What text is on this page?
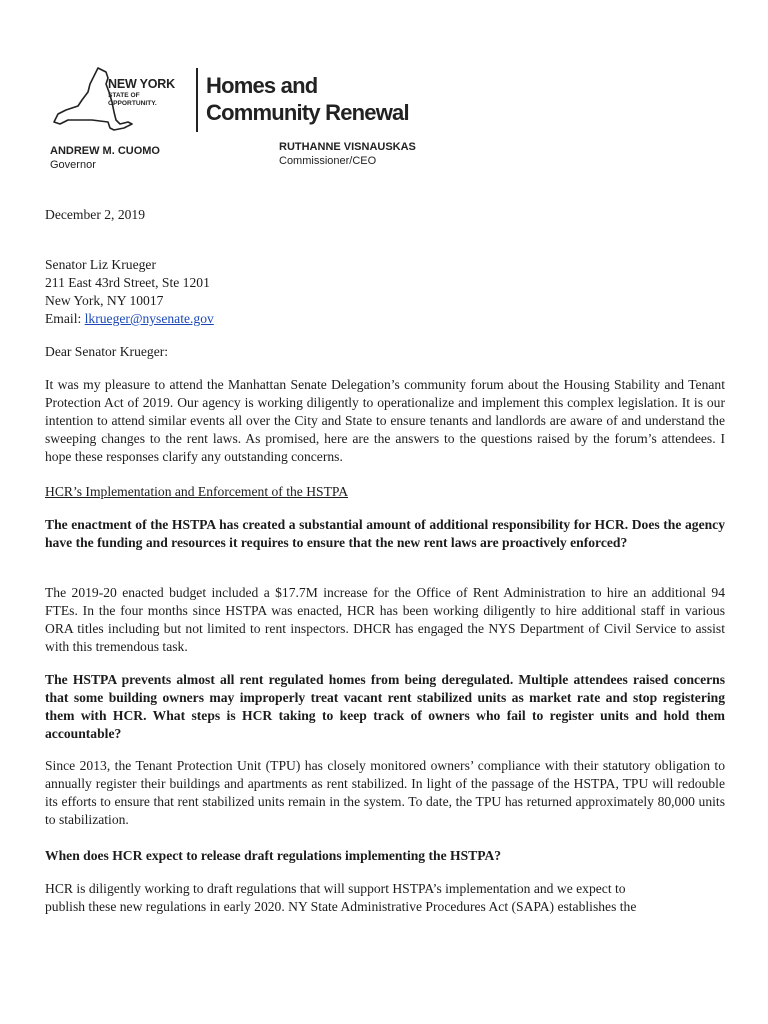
NEW YORK
STATE OF
OPPORTUNITY.
Homes and
Community Renewal
ANDREW M. CUOMO
Governor
RUTHANNE VISNAUSKAS
Commissioner/CEO
December 2, 2019
Senator Liz Krueger
211 East 43rd Street, Ste 1201
New York, NY 10017
Email: lkrueger@nysenate.gov
Dear Senator Krueger:
It was my pleasure to attend the Manhattan Senate Delegation’s community forum about the Housing Stability and Tenant Protection Act of 2019. Our agency is working diligently to operationalize and implement this complex legislation. It is our intention to attend similar events all over the City and State to ensure tenants and landlords are aware of and understand the sweeping changes to the rent laws. As promised, here are the answers to the questions raised by the forum’s attendees. I hope these responses clarify any outstanding concerns.
HCR’s Implementation and Enforcement of the HSTPA
The enactment of the HSTPA has created a substantial amount of additional responsibility for HCR. Does the agency have the funding and resources it requires to ensure that the new rent laws are proactively enforced?
The 2019-20 enacted budget included a $17.7M increase for the Office of Rent Administration to hire an additional 94 FTEs. In the four months since HSTPA was enacted, HCR has been working diligently to hire additional staff in various ORA titles including but not limited to rent inspectors. DHCR has engaged the NYS Department of Civil Service to assist with this tremendous task.
The HSTPA prevents almost all rent regulated homes from being deregulated. Multiple attendees raised concerns that some building owners may improperly treat vacant rent stabilized units as market rate and stop registering them with HCR. What steps is HCR taking to keep track of owners who fail to register units and hold them accountable?
Since 2013, the Tenant Protection Unit (TPU) has closely monitored owners’ compliance with their statutory obligation to annually register their buildings and apartments as rent stabilized. In light of the passage of the HSTPA, TPU will redouble its efforts to ensure that rent stabilized units remain in the system. To date, the TPU has returned approximately 80,000 units to stabilization.
When does HCR expect to release draft regulations implementing the HSTPA?
HCR is diligently working to draft regulations that will support HSTPA’s implementation and we expect to
publish these new regulations in early 2020. NY State Administrative Procedures Act (SAPA) establishes the
